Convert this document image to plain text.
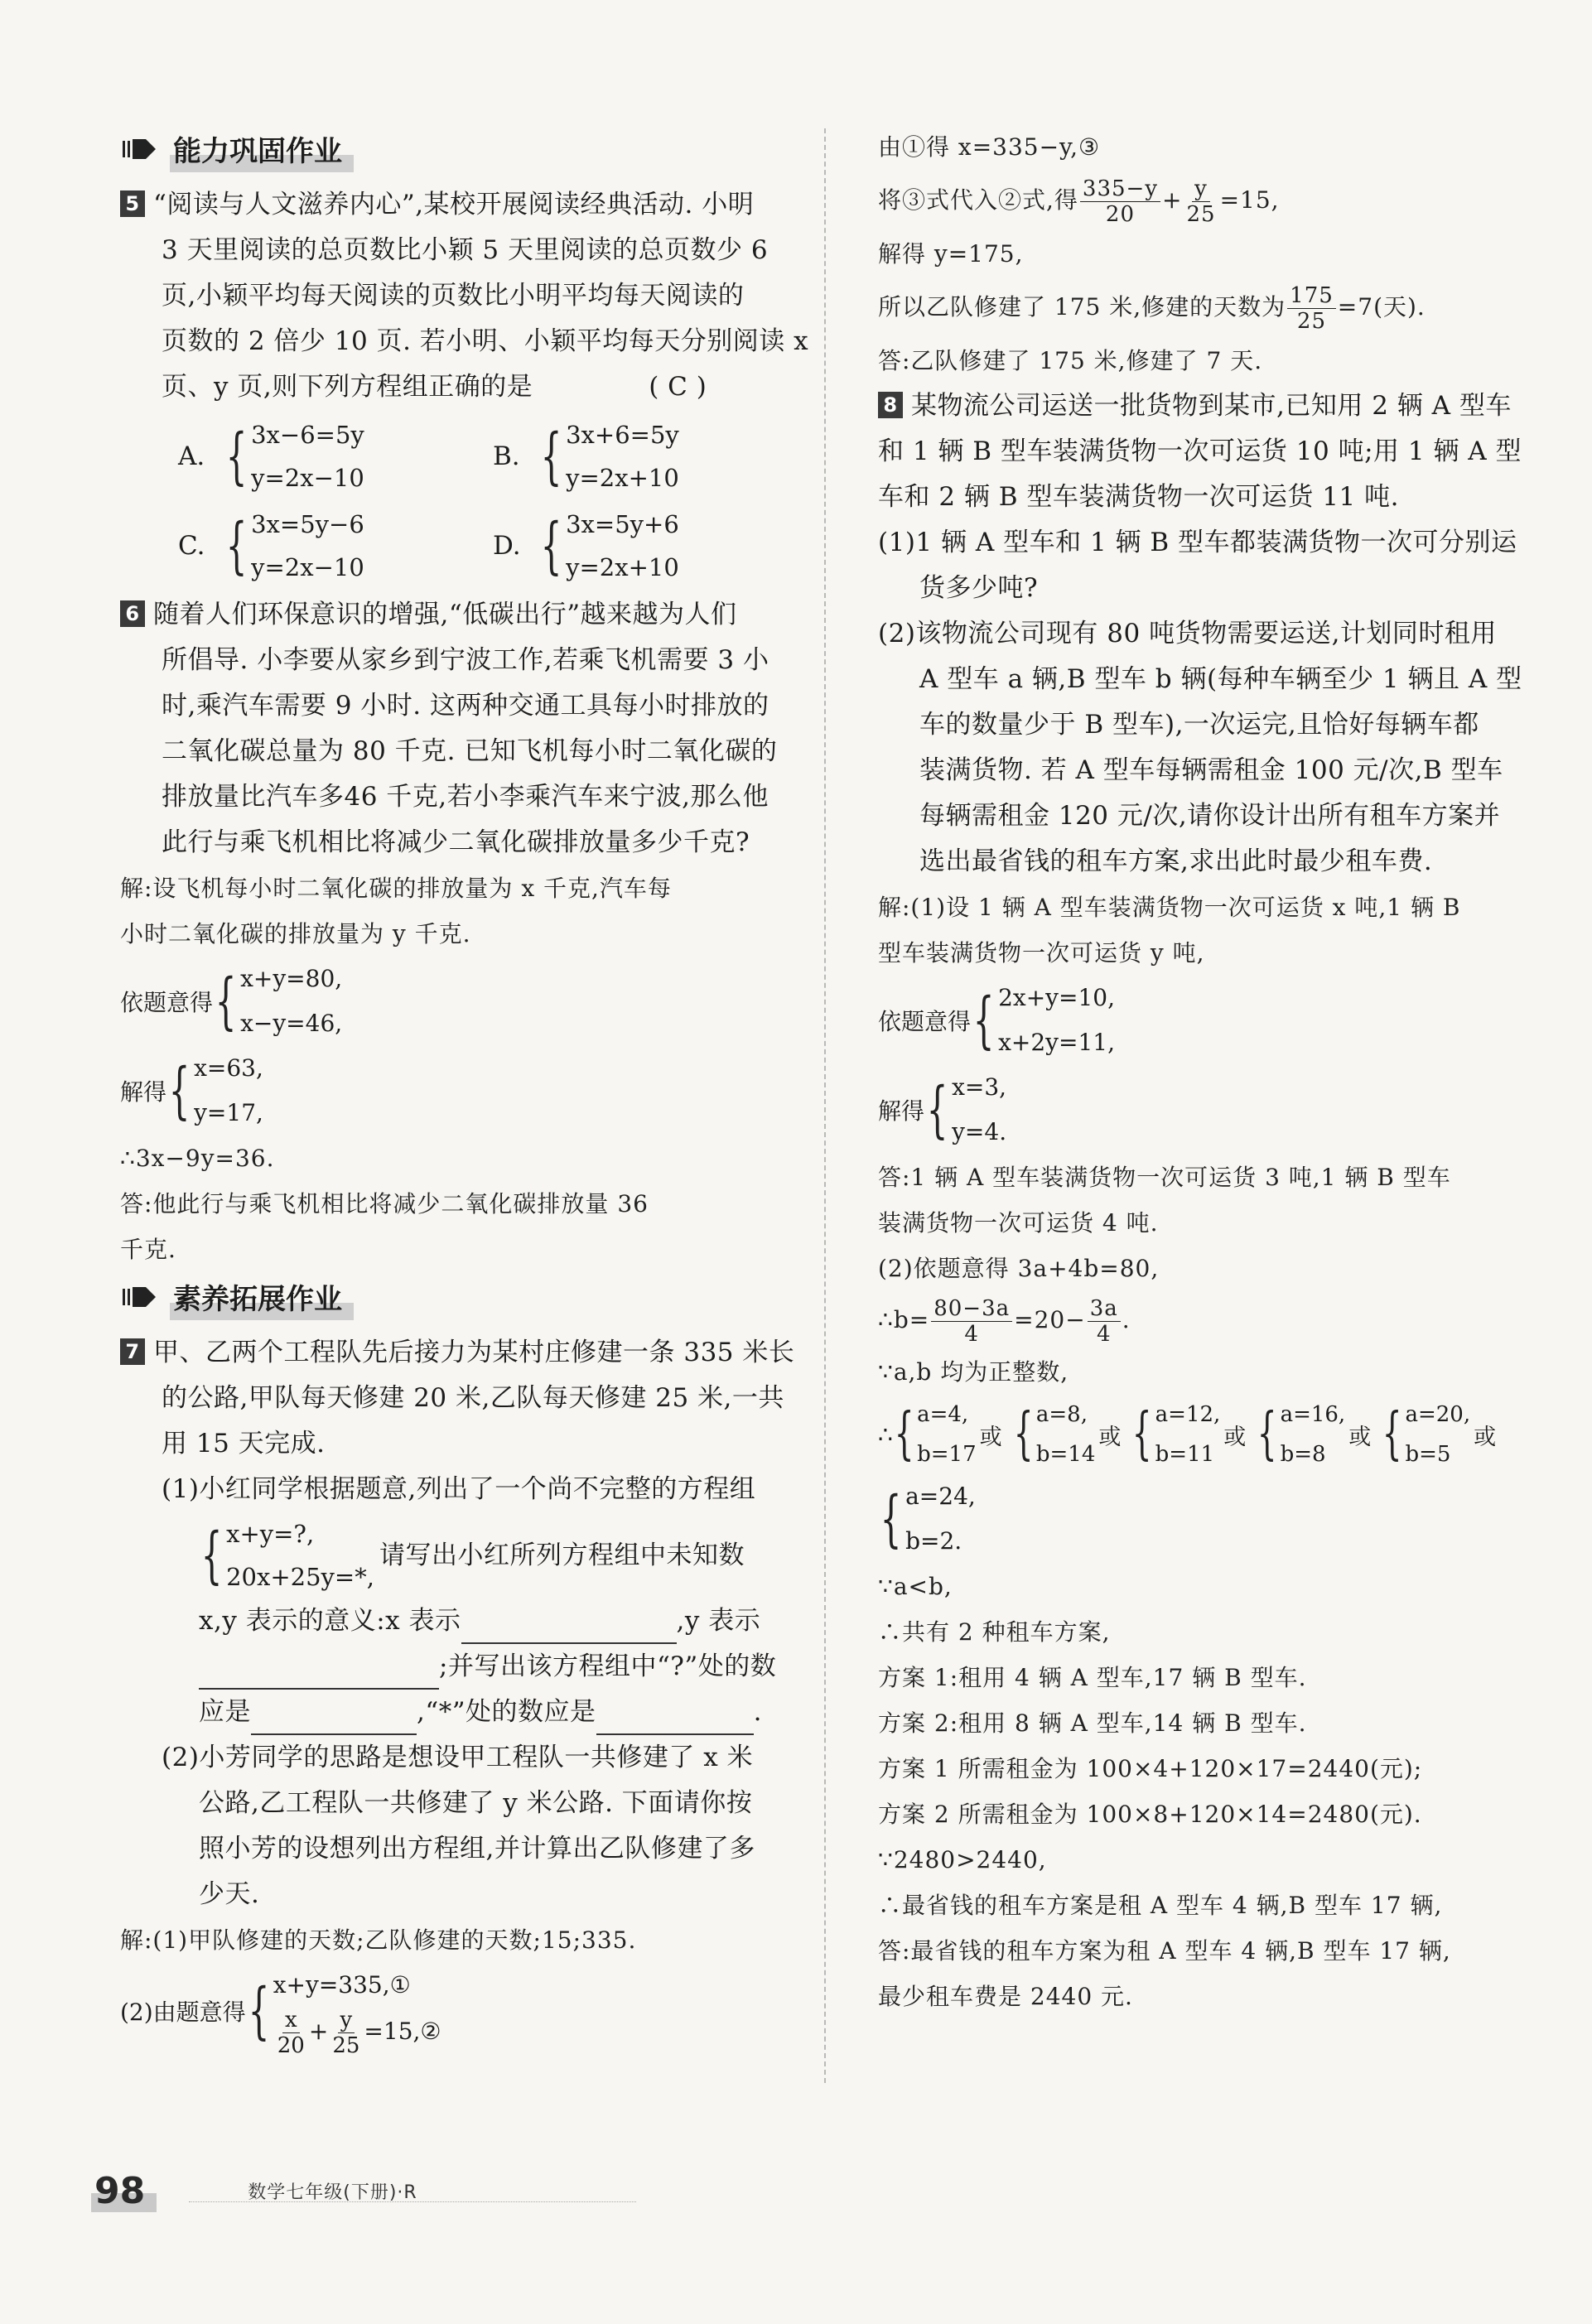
能力巩固作业
5 “阅读与人文滋养内心”,某校开展阅读经典活动. 小明
3 天里阅读的总页数比小颖 5 天里阅读的总页数少 6
页,小颖平均每天阅读的页数比小明平均每天阅读的
页数的 2 倍少 10 页. 若小明、小颖平均每天分别阅读 x
页、y 页,则下列方程组正确的是	( C )
A. { 3x−6=5y
y=2x−10
B. { 3x+6=5y
y=2x+10
C. { 3x=5y−6
y=2x−10
D. { 3x=5y+6
y=2x+10
6 随着人们环保意识的增强,“低碳出行”越来越为人们
所倡导. 小李要从家乡到宁波工作,若乘飞机需要 3 小
时,乘汽车需要 9 小时. 这两种交通工具每小时排放的
二氧化碳总量为 80 千克. 已知飞机每小时二氧化碳的
排放量比汽车多46 千克,若小李乘汽车来宁波,那么他
此行与乘飞机相比将减少二氧化碳排放量多少千克?
解:设飞机每小时二氧化碳的排放量为 x 千克,汽车每
小时二氧化碳的排放量为 y 千克.
依题意得 { x+y=80,
x−y=46,
解得 { x=63,
y=17,
∴3x−9y=36.
答:他此行与乘飞机相比将减少二氧化碳排放量 36
千克.
素养拓展作业
7 甲、乙两个工程队先后接力为某村庄修建一条 335 米长
的公路,甲队每天修建 20 米,乙队每天修建 25 米,一共
用 15 天完成.
(1)小红同学根据题意,列出了一个尚不完整的方程组
{ x+y=?,
20x+25y=*,
请写出小红所列方程组中未知数
x,y 表示的意义:x 表示	,y 表示
;并写出该方程组中“?”处的数
应是	,“*”处的数应是	.
(2)小芳同学的思路是想设甲工程队一共修建了 x 米
公路,乙工程队一共修建了 y 米公路. 下面请你按
照小芳的设想列出方程组,并计算出乙队修建了多
少天.
解:(1)甲队修建的天数;乙队修建的天数;15;335.
(2)由题意得 { x+y=335,①
$\frac{x}{20} + \frac{y}{25}$ =15,②
由①得 x=335−y,③
将③式代入②式,得 $\frac{335-y}{20} + \frac{y}{25} =15$,
解得 y=175,
所以乙队修建了 175 米,修建的天数为 $\frac{175}{25} =7$(天).
答:乙队修建了 175 米,修建了 7 天.
8 某物流公司运送一批货物到某市,已知用 2 辆 A 型车
和 1 辆 B 型车装满货物一次可运货 10 吨;用 1 辆 A 型
车和 2 辆 B 型车装满货物一次可运货 11 吨.
(1)1 辆 A 型车和 1 辆 B 型车都装满货物一次可分别运
货多少吨?
(2)该物流公司现有 80 吨货物需要运送,计划同时租用
A 型车 a 辆,B 型车 b 辆(每种车辆至少 1 辆且 A 型
车的数量少于 B 型车),一次运完,且恰好每辆车都
装满货物. 若 A 型车每辆需租金 100 元/次,B 型车
每辆需租金 120 元/次,请你设计出所有租车方案并
选出最省钱的租车方案,求出此时最少租车费.
解:(1)设 1 辆 A 型车装满货物一次可运货 x 吨,1 辆 B
型车装满货物一次可运货 y 吨,
依题意得 { 2x+y=10,
x+2y=11,
解得 { x=3,
y=4.
答:1 辆 A 型车装满货物一次可运货 3 吨,1 辆 B 型车
装满货物一次可运货 4 吨.
(2)依题意得 3a+4b=80,
∴b= $\frac{80-3a}{4} =20- \frac{3a}{4}$ .
∵a,b 均为正整数,
∴ { a=4,
b=17
或 { a=8,
b=14
或 { a=12,
b=11
或 { a=16,
b=8
或 { a=20,
b=5
或
{ a=24,
b=2.
∵a<b,
∴共有 2 种租车方案,
方案 1:租用 4 辆 A 型车,17 辆 B 型车.
方案 2:租用 8 辆 A 型车,14 辆 B 型车.
方案 1 所需租金为 100×4+120×17=2440(元);
方案 2 所需租金为 100×8+120×14=2480(元).
∵2480>2440,
∴最省钱的租车方案是租 A 型车 4 辆,B 型车 17 辆,
答:最省钱的租车方案为租 A 型车 4 辆,B 型车 17 辆,
最少租车费是 2440 元.
98	数学七年级(下册)·R
